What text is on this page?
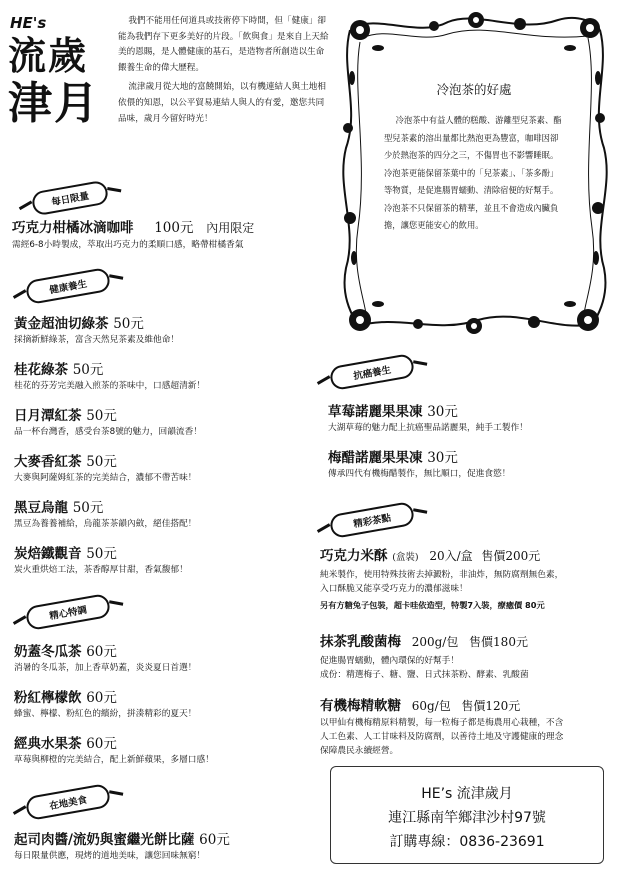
HE's
流歲
津月

我們不能用任何道具或技術停下時間，但「健康」卻能為我們存下更多美好的片段。「飲與食」是來自上天給美的恩賜，是人體健康的基石，是造物者所創造以生命餵養生命的偉大歷程。

流津歲月從大地的富饒開始，以有機連結人與土地相依偎的知恩，以公平貿易連結人與人的有愛，邀您共同品味，歲月今留好時光！

冷泡茶的好處
冷泡茶中有益人體的糕酸、游離型兒茶素、酯型兒茶素的溶出量都比熱泡更為豐富，咖啡因卻少於熱泡茶的四分之三，不傷胃也不影響睡眠。冷泡茶更能保留茶葉中的「兒茶素」、「茶多酚」等物質，是促進腸胃蠕動、清除宿便的好幫手。冷泡茶不只保留茶的精華，並且不會造成內臟負擔，讓您更能安心的飲用。
每日限量
巧克力柑橘冰滴咖啡 100元 內用限定
需經6-8小時製成，萃取出巧克力的柔順口感，略帶柑橘香氣
健康養生
黃金超油切綠茶 50元
採摘新鮮綠茶，富含天然兒茶素及維他命！
桂花綠茶 50元
桂花的芬芳完美融入煎茶的茶味中，口感超清新！
日月潭紅茶 50元
品一杯台灣香，感受台茶8號的魅力，回韻流香！
大麥香紅茶 50元
大麥與阿薩姆紅茶的完美結合，濃郁不帶苦味！
黑豆烏龍 50元
黑豆為養養補給，烏龍茶茶韻內斂，絕佳搭配！
炭焙鐵觀音 50元
炭火重烘焙工法，茶香醇厚甘甜，香氣馥郁！
精心特調
奶蓋冬瓜茶 60元
消暑的冬瓜茶，加上香草奶蓋，炎炎夏日首選！
粉紅檸檬飲 60元
蜂蜜、檸檬、粉紅色的繽紛，拼湊精彩的夏天！
經典水果茶 60元
草莓與柳橙的完美結合，配上新鮮蘋果，多層口感！
在地美食
起司肉醬/流奶與蜜繼光餅比薩 60元
每日限量供應，現烤的道地美味，讓您回味無窮！
抗癌養生
草莓諾麗果果凍 30元
大湖草莓的魅力配上抗癌聖品諾麗果，純手工製作！
梅醋諾麗果果凍 30元
傳承四代有機梅醋製作，無比順口，促進食慾！
精彩茶點
巧克力米酥 (盒裝) 20入/盒 售價200元
純米製作，使用特殊技術去掉澱粉，非油炸，無防腐劑無色素，
入口酥脆又能享受巧克力的濃郁滋味！
另有方糖兔子包裝，超卡哇依造型，特製7入裝，療癒價 80元
抹茶乳酸菌梅 200g/包 售價180元
促進腸胃蠕動，體內環保的好幫手！
成份：精選梅子、糖、鹽、日式抹茶粉、酵素、乳酸菌
有機梅精軟糖 60g/包 售價120元
以甲仙有機梅精原料精製，每一粒梅子都是梅農用心栽種，不含
人工色素、人工甘味料及防腐劑，以善待土地及守護健康的理念
保障農民永續經營。
HE’s 流津歲月
連江縣南竿鄉津沙村97號
訂購專線：0836-23691
